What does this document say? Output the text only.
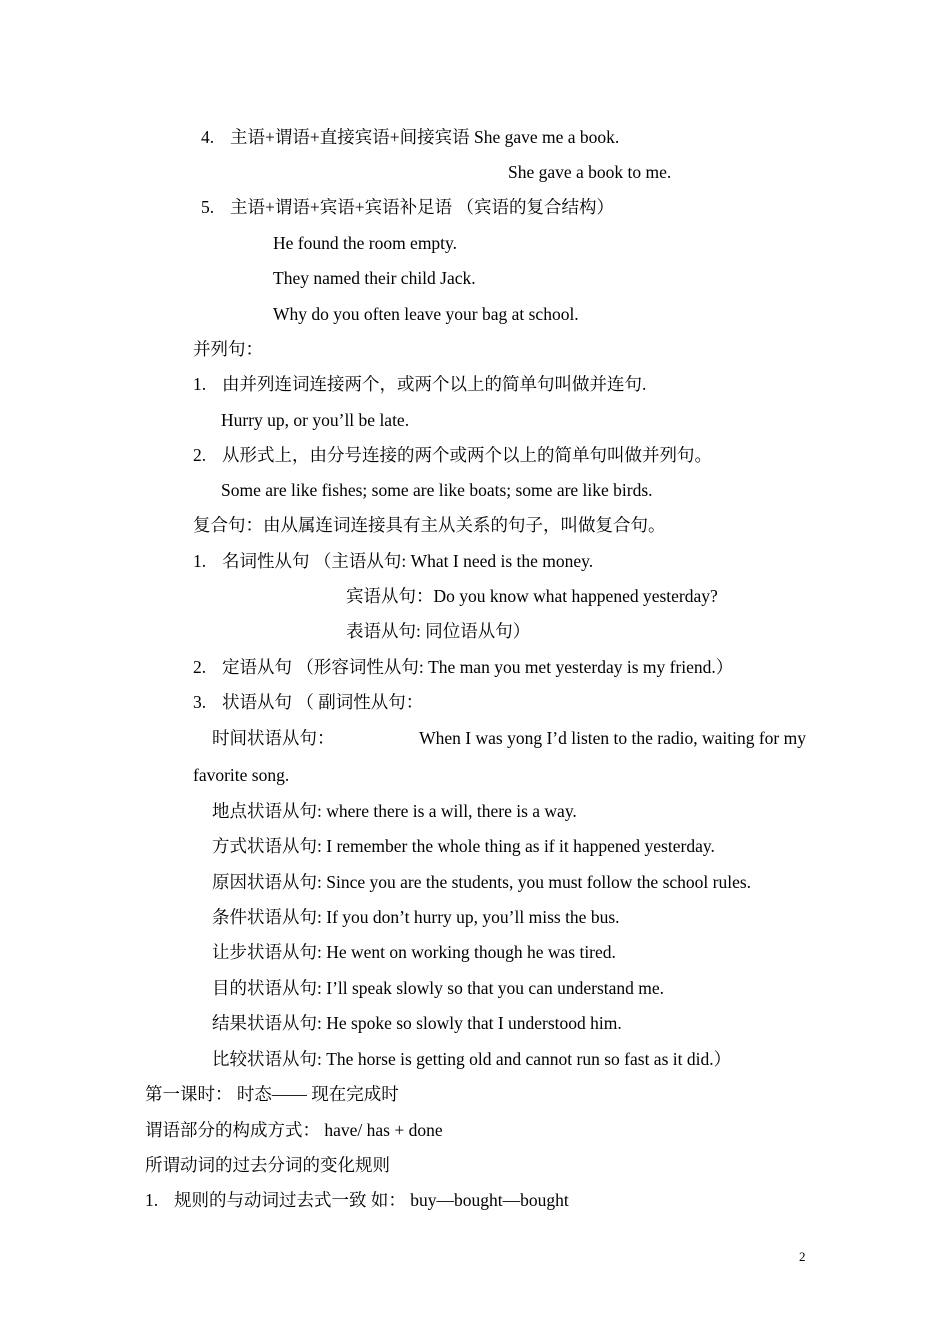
4. 主语+谓语+直接宾语+间接宾语 She gave me a book.
She gave a book to me.
5. 主语+谓语+宾语+宾语补足语 （宾语的复合结构）
He found the room empty.
They named their child Jack.
Why do you often leave your bag at school.
并列句：
1. 由并列连词连接两个，或两个以上的简单句叫做并连句.
Hurry up, or you’ll be late.
2. 从形式上，由分号连接的两个或两个以上的简单句叫做并列句。
Some are like fishes; some are like boats; some are like birds.
复合句：由从属连词连接具有主从关系的句子，叫做复合句。
1. 名词性从句 （主语从句: What I need is the money.
宾语从句：Do you know what happened yesterday?
表语从句: 同位语从句）
2. 定语从句 （形容词性从句: The man you met yesterday is my friend.）
3. 状语从句 （ 副词性从句：
时间状语从句：	When I was yong I’d listen to the radio, waiting for my
favorite song.
地点状语从句: where there is a will, there is a way.
方式状语从句: I remember the whole thing as if it happened yesterday.
原因状语从句: Since you are the students, you must follow the school rules.
条件状语从句: If you don’t hurry up, you’ll miss the bus.
让步状语从句: He went on working though he was tired.
目的状语从句: I’ll speak slowly so that you can understand me.
结果状语从句: He spoke so slowly that I understood him.
比较状语从句: The horse is getting old and cannot run so fast as it did.）
第一课时： 时态—— 现在完成时
谓语部分的构成方式： have/ has + done
所谓动词的过去分词的变化规则
1. 规则的与动词过去式一致 如： buy—bought—bought
2
